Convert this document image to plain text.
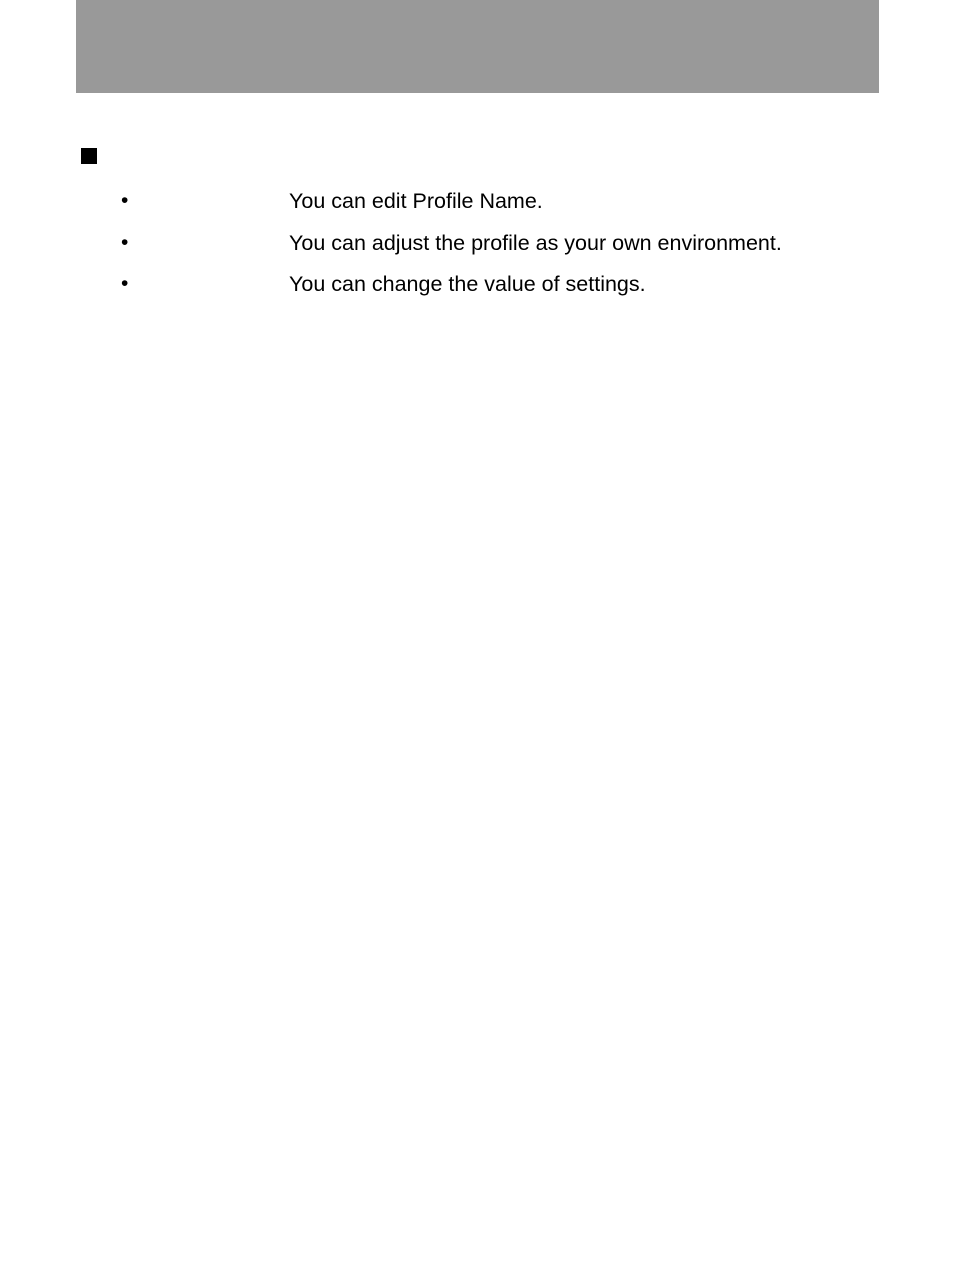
•	You can edit Profile Name.
•	You can adjust the profile as your own environment.
•	You can change the value of settings.
